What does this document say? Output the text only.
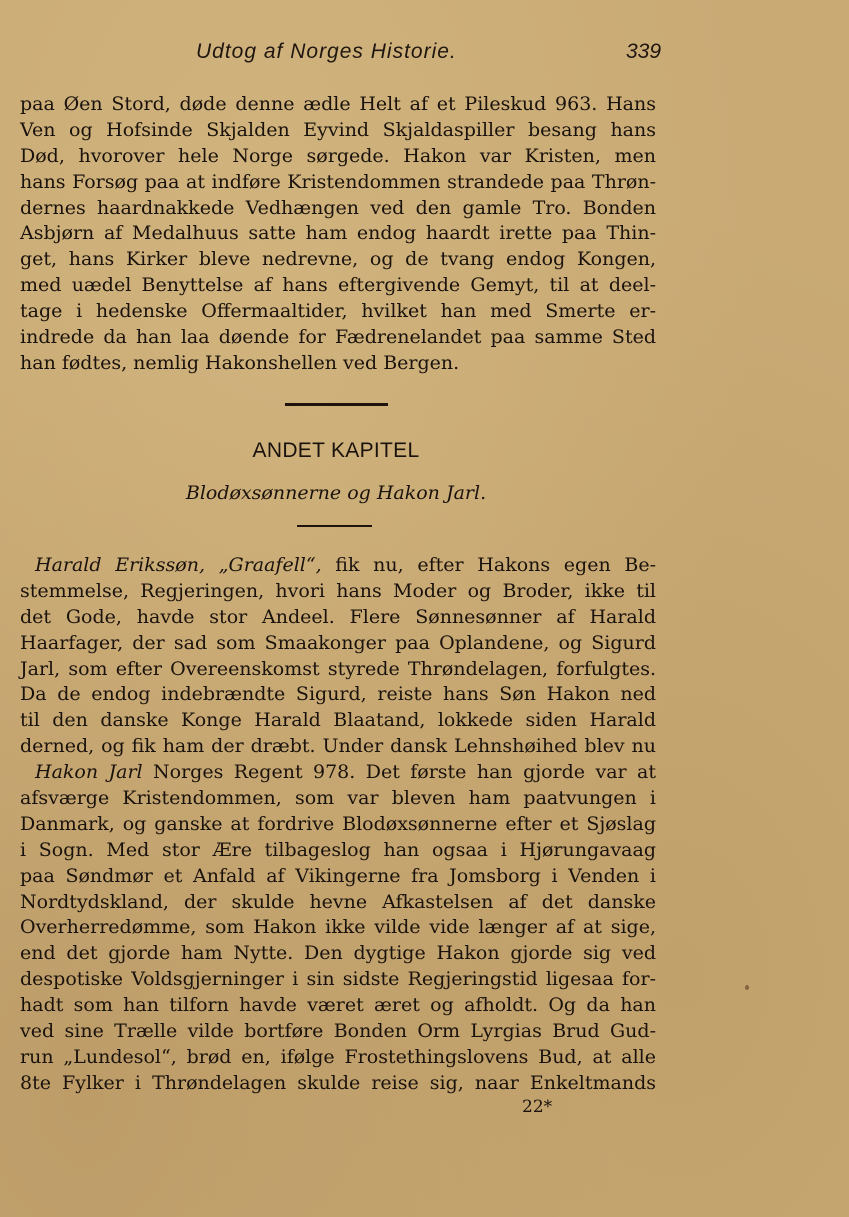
Udtog af Norges Historie.	339
paa Øen Stord, døde denne ædle Helt af et Pileskud 963. Hans
Ven og Hofsinde Skjalden Eyvind Skjaldaspiller besang hans
Død, hvorover hele Norge sørgede. Hakon var Kristen, men
hans Forsøg paa at indføre Kristendommen strandede paa Thrøn-
dernes haardnakkede Vedhængen ved den gamle Tro. Bonden
Asbjørn af Medalhuus satte ham endog haardt irette paa Thin-
get, hans Kirker bleve nedrevne, og de tvang endog Kongen,
med uædel Benyttelse af hans eftergivende Gemyt, til at deel-
tage i hedenske Offermaaltider, hvilket han med Smerte er-
indrede da han laa døende for Fædrenelandet paa samme Sted
han fødtes, nemlig Hakonshellen ved Bergen.
ANDET KAPITEL
Blodøxsønnerne og Hakon Jarl.
Harald Erikssøn, „Graafell“, fik nu, efter Hakons egen Be-
stemmelse, Regjeringen, hvori hans Moder og Broder, ikke til
det Gode, havde stor Andeel. Flere Sønnesønner af Harald
Haarfager, der sad som Smaakonger paa Oplandene, og Sigurd
Jarl, som efter Overeenskomst styrede Thrøndelagen, forfulgtes.
Da de endog indebrændte Sigurd, reiste hans Søn Hakon ned
til den danske Konge Harald Blaatand, lokkede siden Harald
derned, og fik ham der dræbt. Under dansk Lehnshøihed blev nu
Hakon Jarl Norges Regent 978. Det første han gjorde var at
afsværge Kristendommen, som var bleven ham paatvungen i
Danmark, og ganske at fordrive Blodøxsønnerne efter et Sjøslag
i Sogn. Med stor Ære tilbageslog han ogsaa i Hjørungavaag
paa Søndmør et Anfald af Vikingerne fra Jomsborg i Venden i
Nordtydskland, der skulde hevne Afkastelsen af det danske
Overherredømme, som Hakon ikke vilde vide længer af at sige,
end det gjorde ham Nytte. Den dygtige Hakon gjorde sig ved
despotiske Voldsgjerninger i sin sidste Regjeringstid ligesaa for-
hadt som han tilforn havde været æret og afholdt. Og da han
ved sine Trælle vilde bortføre Bonden Orm Lyrgias Brud Gud-
run „Lundesol“, brød en, ifølge Frostethingslovens Bud, at alle
8te Fylker i Thrøndelagen skulde reise sig, naar Enkeltmands
22*
